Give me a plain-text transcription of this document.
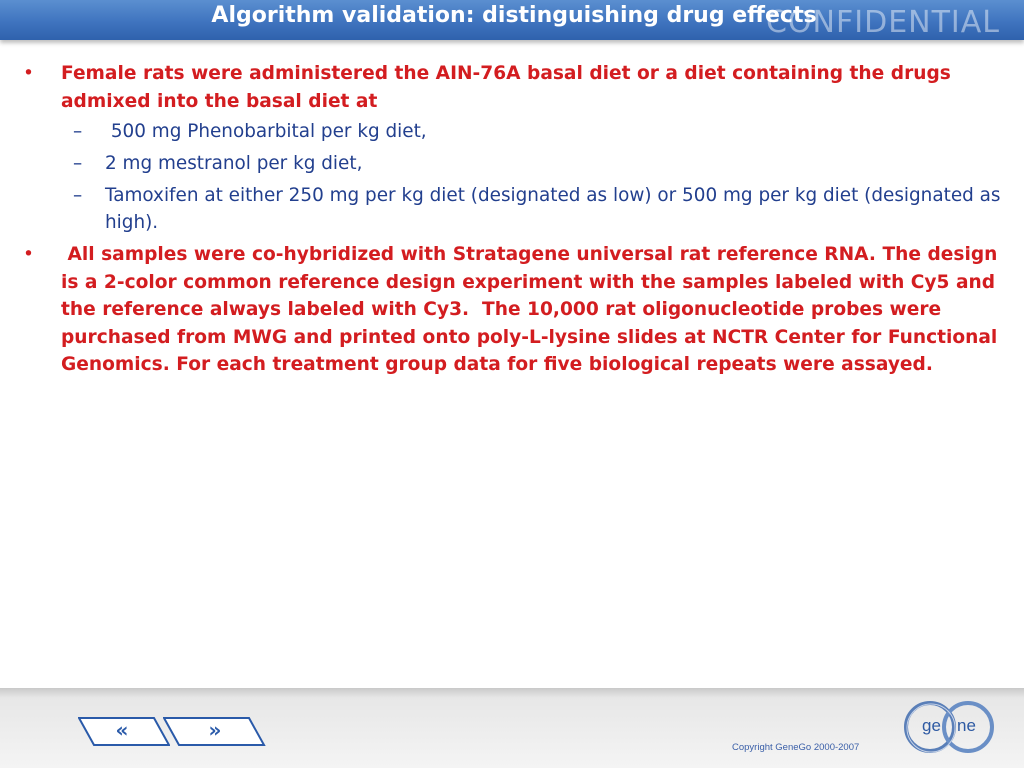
CONFIDENTIAL
Algorithm validation: distinguishing drug effects

• Female rats were administered the AIN-76A basal diet or a diet containing the drugs admixed into the basal diet at

– 500 mg Phenobarbital per kg diet,
– 2 mg mestranol per kg diet,
– Tamoxifen at either 250 mg per kg diet (designated as low) or 500 mg per kg diet (designated as high).

• All samples were co-hybridized with Stratagene universal rat reference RNA. The design is a 2-color common reference design experiment with the samples labeled with Cy5 and the reference always labeled with Cy3.  The 10,000 rat oligonucleotide probes were purchased from MWG and printed onto poly-L-lysine slides at NCTR Center for Functional Genomics. For each treatment group data for five biological repeats were assayed.

«	»
Copyright GeneGo 2000-2007
ge ne
